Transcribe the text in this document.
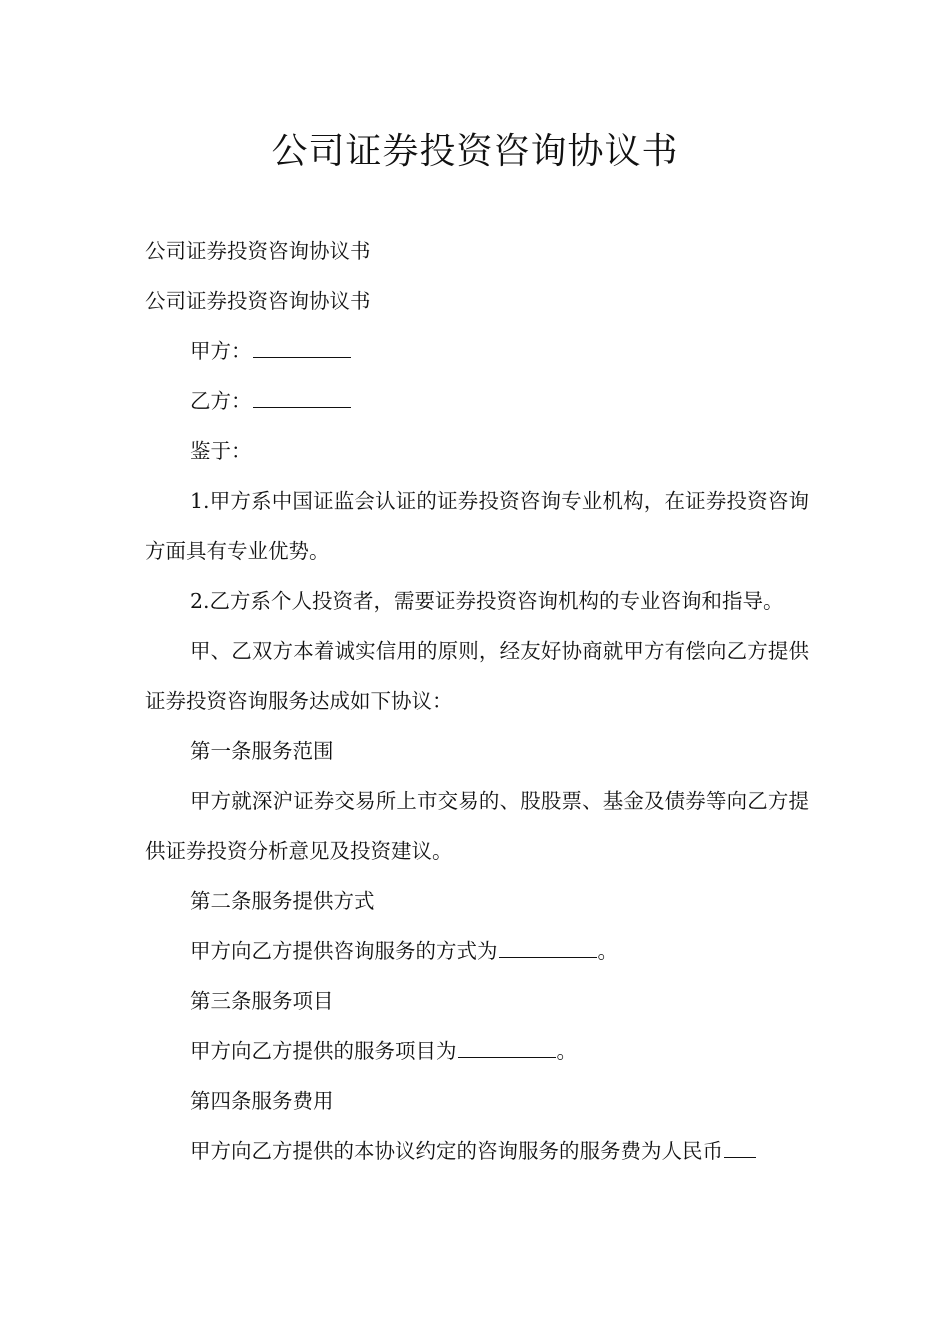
公司证券投资咨询协议书

公司证券投资咨询协议书

公司证券投资咨询协议书

甲方：

乙方：

鉴于：

1.甲方系中国证监会认证的证券投资咨询专业机构，在证券投资咨询方面具有专业优势。

2.乙方系个人投资者，需要证券投资咨询机构的专业咨询和指导。

甲、乙双方本着诚实信用的原则，经友好协商就甲方有偿向乙方提供证券投资咨询服务达成如下协议：

第一条服务范围

甲方就深沪证券交易所上市交易的、股股票、基金及债券等向乙方提供证券投资分析意见及投资建议。

第二条服务提供方式

甲方向乙方提供咨询服务的方式为	。

第三条服务项目

甲方向乙方提供的服务项目为	。

第四条服务费用

甲方向乙方提供的本协议约定的咨询服务的服务费为人民币
